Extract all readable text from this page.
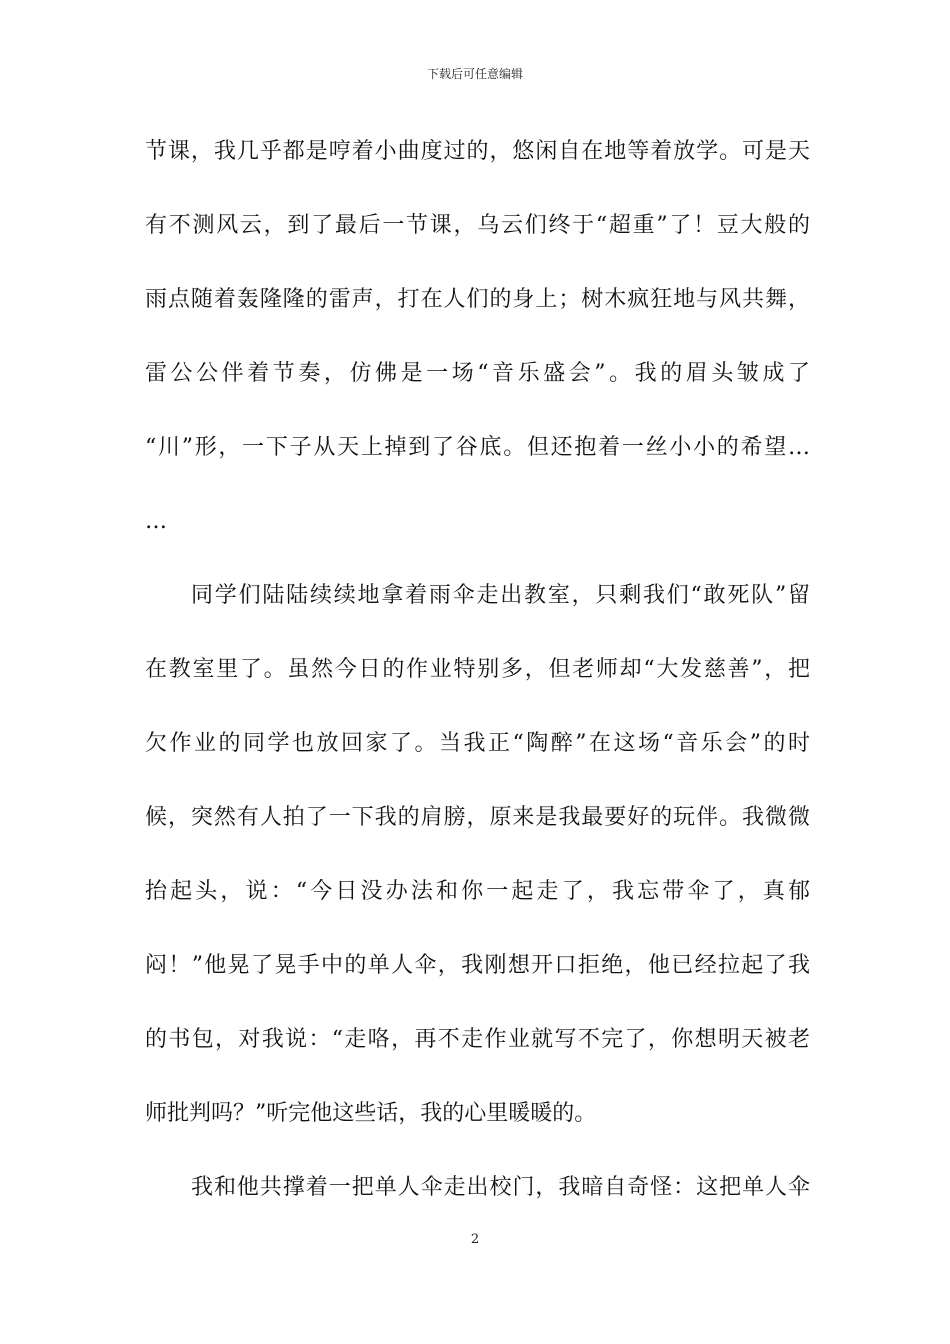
下载后可任意编辑
节课，我几乎都是哼着小曲度过的，悠闲自在地等着放学。可是天
有不测风云，到了最后一节课，乌云们终于“超重”了！豆大般的
雨点随着轰隆隆的雷声，打在人们的身上；树木疯狂地与风共舞，
雷公公伴着节奏，仿佛是一场“音乐盛会”。我的眉头皱成了
“川”形，一下子从天上掉到了谷底。但还抱着一丝小小的希望…
…
同学们陆陆续续地拿着雨伞走出教室，只剩我们“敢死队”留
在教室里了。虽然今日的作业特别多，但老师却“大发慈善”，把
欠作业的同学也放回家了。当我正“陶醉”在这场“音乐会”的时
候，突然有人拍了一下我的肩膀，原来是我最要好的玩伴。我微微
抬起头，说：“今日没办法和你一起走了，我忘带伞了，真郁
闷！”他晃了晃手中的单人伞，我刚想开口拒绝，他已经拉起了我
的书包，对我说：“走咯，再不走作业就写不完了，你想明天被老
师批判吗？”听完他这些话，我的心里暖暖的。
我和他共撑着一把单人伞走出校门，我暗自奇怪：这把单人伞
2
